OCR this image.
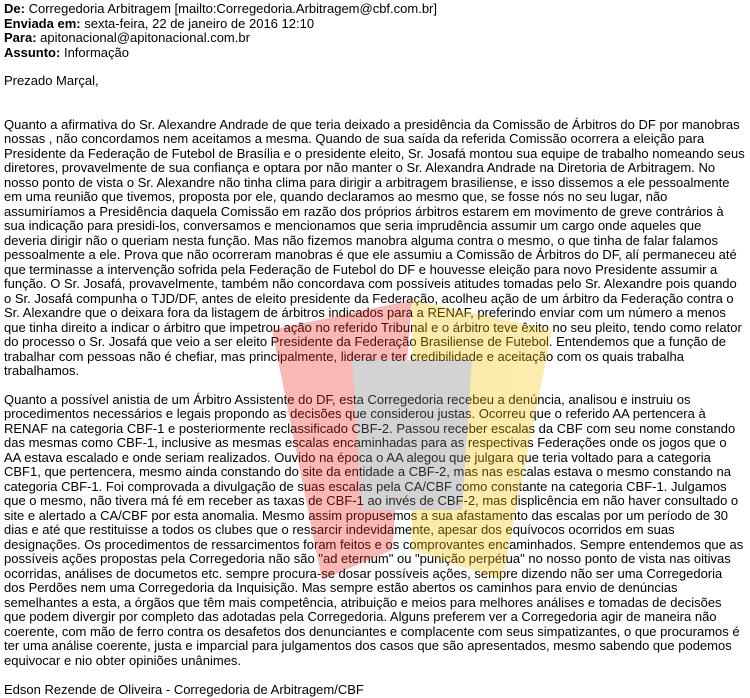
De: Corregedoria Arbitragem [mailto:Corregedoria.Arbitragem@cbf.com.br]
Enviada em: sexta-feira, 22 de janeiro de 2016 12:10
Para: apitonacional@apitonacional.com.br
Assunto: Informação

Prezado Marçal,

Quanto a afirmativa do Sr. Alexandre Andrade de que teria deixado a presidência da Comissão de Árbitros do DF por manobras nossas , não concordamos nem aceitamos a mesma. Quando de sua saída da referida Comissão ocorrera a eleição para Presidente da Federação de Futebol de Brasília e o presidente eleito, Sr. Josafá montou sua equipe de trabalho nomeando seus diretores, provavelmente de sua confiança e optara por não manter o Sr. Alexandra Andrade na Diretoria de Arbitragem. No nosso ponto de vista o Sr. Alexandre não tinha clima para dirigir a arbitragem brasiliense, e isso dissemos a ele pessoalmente em uma reunião que tivemos, proposta por ele, quando declaramos ao mesmo que, se fosse nós no seu lugar, não assumiríamos a Presidência daquela Comissão em razão dos próprios árbitros estarem em movimento de greve contrários à sua indicação para presidi-los, conversamos e mencionamos que seria imprudência assumir um cargo onde aqueles que deveria dirigir não o queriam nesta função. Mas não fizemos manobra alguma contra o mesmo, o que tinha de falar falamos pessoalmente a ele. Prova que não ocorreram manobras é que ele assumiu a Comissão de Árbitros do DF, alí permaneceu até que terminasse a intervenção sofrida pela Federação de Futebol do DF e houvesse eleição para novo Presidente assumir a função. O Sr. Josafá, provavelmente, também não concordava com possíveis atitudes tomadas pelo Sr. Alexandre pois quando o Sr. Josafá compunha o TJD/DF, antes de eleito presidente da Federação, acolheu ação de um árbitro da Federação contra o Sr. Alexandre que o deixara fora da listagem de árbitros indicados para a RENAF, preferindo enviar com um número a menos que tinha direito a indicar o árbitro que impetrou ação no referido Tribunal e o árbitro teve êxito no seu pleito, tendo como relator do processo o Sr. Josafá que veio a ser eleito Presidente da Federação Brasiliense de Futebol. Entendemos que a função de trabalhar com pessoas não é chefiar, mas principalmente, liderar e ter credibilidade e aceitação com os quais trabalha trabalhamos.

Quanto a possível anistia de um Árbitro Assistente do DF, esta Corregedoria recebeu a denúncia, analisou e instruiu os procedimentos necessários e legais propondo as decisões que considerou justas. Ocorreu que o referido AA pertencera à RENAF na categoria CBF-1 e posteriormente reclassificado CBF-2. Passou receber escalas da CBF com seu nome constando das mesmas como CBF-1, inclusive as mesmas escalas encaminhadas para as respectivas Federações onde os jogos que o AA estava escalado e onde seriam realizados. Ouvido na época o AA alegou que julgara que teria voltado para a categoria CBF1, que pertencera, mesmo ainda constando do site da entidade a CBF-2, mas nas escalas estava o mesmo constando na categoria CBF-1. Foi comprovada a divulgação de suas escalas pela CA/CBF como constante na categoria CBF-1. Julgamos que o mesmo, não tivera má fé em receber as taxas de CBF-1 ao invés de CBF-2, mas displicência em não haver consultado o site e alertado a CA/CBF por esta anomalia. Mesmo assim propusemos a sua afastamento das escalas por um período de 30 dias e até que restituisse a todos os clubes que o ressarcir indevidamente, apesar dos equívocos ocorridos em suas designações. Os procedimentos de ressarcimentos foram feitos e os comprovantes encaminhados. Sempre entendemos que as possíveis ações propostas pela Corregedoria não são "ad eternum" ou "punição perpétua" no nosso ponto de vista nas oitivas ocorridas, análises de documetos etc. sempre procura-se dosar possíveis ações, sempre dizendo não ser uma Corregedoria dos Perdões nem uma Corregedoria da Inquisição. Mas sempre estão abertos os caminhos para envio de denúncias semelhantes a esta, a órgãos que têm mais competência, atribuição e meios para melhores análises e tomadas de decisões que podem divergir por completo das adotadas pela Corregedoria. Alguns preferem ver a Corregedoria agir de maneira não coerente, com mão de ferro contra os desafetos dos denunciantes e complacente com seus simpatizantes, o que procuramos é ter uma análise coerente, justa e imparcial para julgamentos dos casos que são apresentados, mesmo sabendo que podemos equivocar e nio obter opiniões unânimes.

Edson Rezende de Oliveira - Corregedoria de Arbitragem/CBF
